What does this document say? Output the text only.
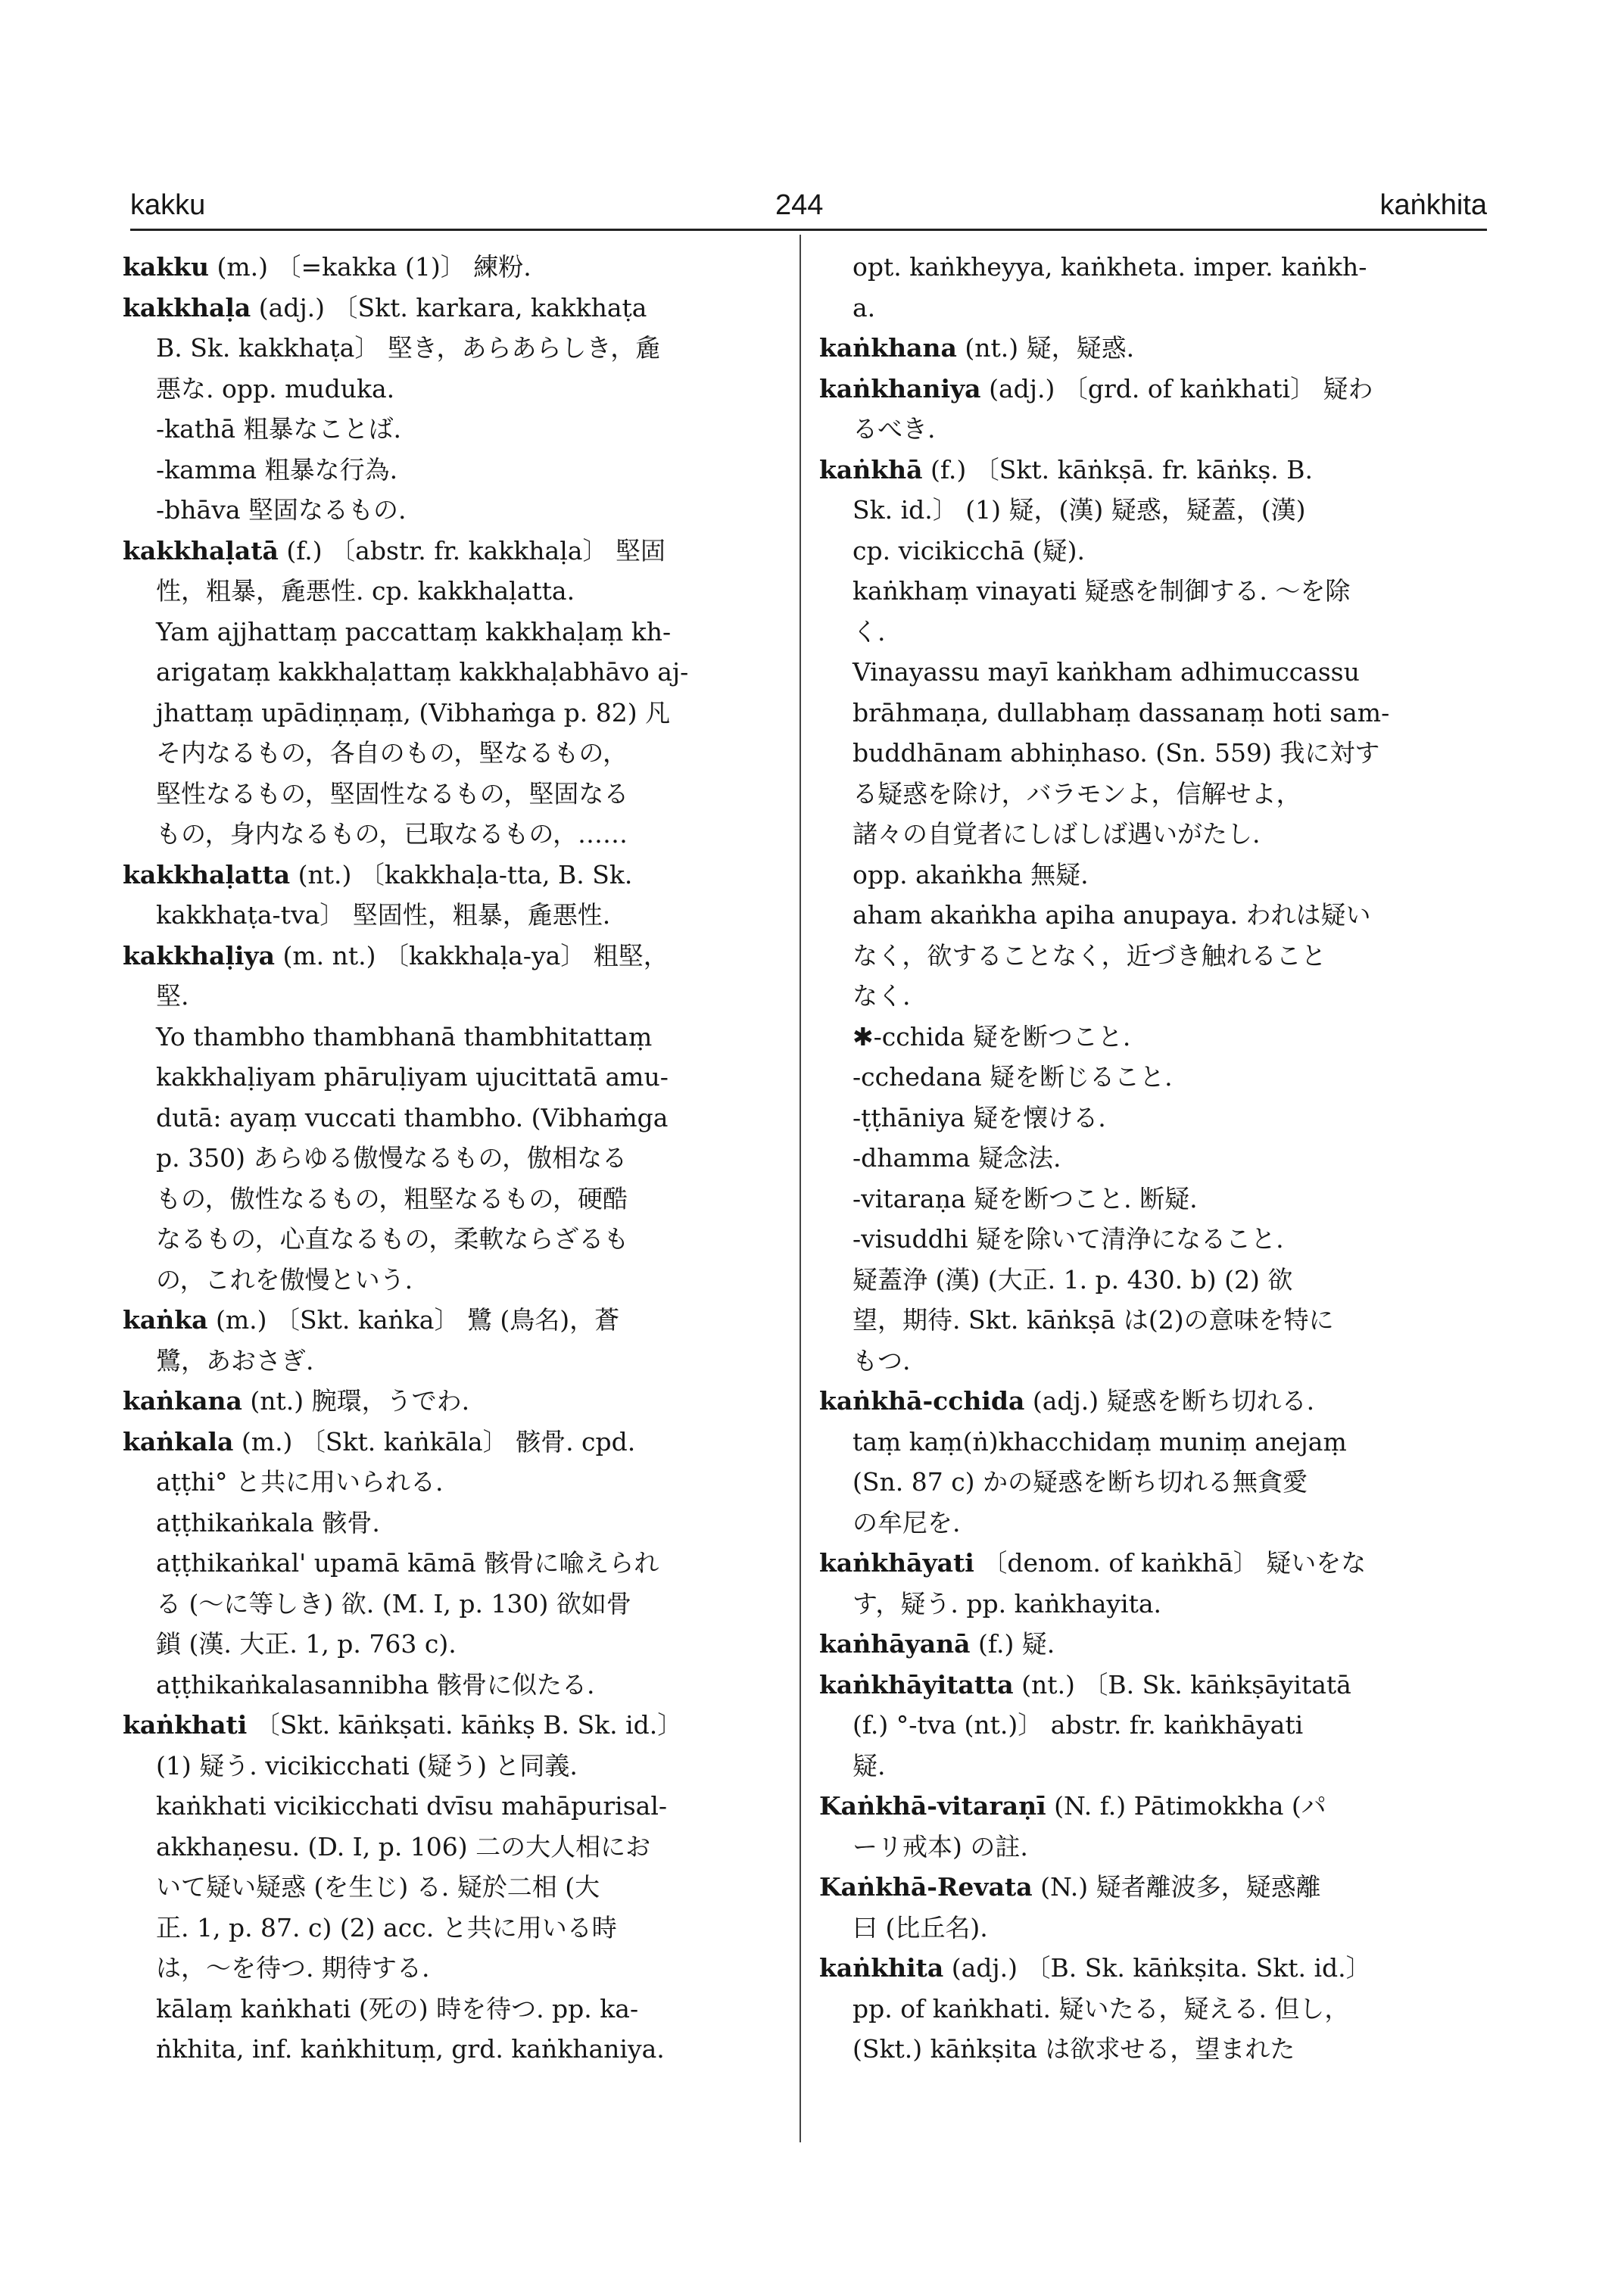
kakku	244	kaṅkhita
kakku (m.) 〔=kakka (1)〕 練粉.
kakkhaḷa (adj.) 〔Skt. karkara, kakkhaṭa
B. Sk. kakkhaṭa〕 堅き，あらあらしき，麁
悪な. opp. muduka.
-kathā 粗暴なことば.
-kamma 粗暴な行為.
-bhāva 堅固なるもの.
kakkhaḷatā (f.) 〔abstr. fr. kakkhaḷa〕 堅固
性，粗暴，麁悪性. cp. kakkhaḷatta.
Yam ajjhattaṃ paccattaṃ kakkhaḷaṃ kh-
arigataṃ kakkhaḷattaṃ kakkhaḷabhāvo aj-
jhattaṃ upādiṇṇaṃ, (Vibhaṁga p. 82) 凡
そ内なるもの，各自のもの，堅なるもの，
堅性なるもの，堅固性なるもの，堅固なる
もの，身内なるもの，已取なるもの，……
kakkhaḷatta (nt.) 〔kakkhaḷa-tta, B. Sk.
kakkhaṭa-tva〕 堅固性，粗暴，麁悪性.
kakkhaḷiya (m. nt.) 〔kakkhaḷa-ya〕 粗堅，
堅.
Yo thambho thambhanā thambhitattaṃ
kakkhaḷiyam phāruḷiyam ujucittatā amu-
dutā: ayaṃ vuccati thambho. (Vibhaṁga
p. 350) あらゆる傲慢なるもの，傲相なる
もの，傲性なるもの，粗堅なるもの，硬酷
なるもの，心直なるもの，柔軟ならざるも
の，これを傲慢という.
kaṅka (m.) 〔Skt. kaṅka〕 鷺 (鳥名)，蒼
鷺，あおさぎ.
kaṅkana (nt.) 腕環，うでわ.
kaṅkala (m.) 〔Skt. kaṅkāla〕 骸骨. cpd.
aṭṭhi° と共に用いられる.
aṭṭhikaṅkala 骸骨.
aṭṭhikaṅkal' upamā kāmā 骸骨に喩えられ
る (〜に等しき) 欲. (M. I, p. 130) 欲如骨
鎖 (漢. 大正. 1, p. 763 c).
aṭṭhikaṅkalasannibha 骸骨に似たる.
kaṅkhati 〔Skt. kāṅkṣati. kāṅkṣ B. Sk. id.〕
(1) 疑う. vicikicchati (疑う) と同義.
kaṅkhati vicikicchati dvīsu mahāpurisal-
akkhaṇesu. (D. I, p. 106) 二の大人相にお
いて疑い疑惑 (を生じ) る. 疑於二相 (大
正. 1, p. 87. c) (2) acc. と共に用いる時
は，〜を待つ. 期待する.
kālaṃ kaṅkhati (死の) 時を待つ. pp. ka-
ṅkhita, inf. kaṅkhituṃ, grd. kaṅkhaniya.
opt. kaṅkheyya, kaṅkheta. imper. kaṅkh-
a.
kaṅkhana (nt.) 疑，疑惑.
kaṅkhaniya (adj.) 〔grd. of kaṅkhati〕 疑わ
るべき.
kaṅkhā (f.) 〔Skt. kāṅkṣā. fr. kāṅkṣ. B.
Sk. id.〕 (1) 疑，(漢) 疑惑，疑蓋，(漢)
cp. vicikicchā (疑).
kaṅkhaṃ vinayati 疑惑を制御する. 〜を除
く.
Vinayassu mayī kaṅkham adhimuccassu
brāhmaṇa, dullabhaṃ dassanaṃ hoti sam-
buddhānam abhiṇhaso. (Sn. 559) 我に対す
る疑惑を除け，バラモンよ，信解せよ，
諸々の自覚者にしばしば遇いがたし.
opp. akaṅkha 無疑.
aham akaṅkha apiha anupaya. われは疑い
なく，欲することなく，近づき触れること
なく.
✱-cchida 疑を断つこと.
-cchedana 疑を断じること.
-ṭṭhāniya 疑を懐ける.
-dhamma 疑念法.
-vitaraṇa 疑を断つこと. 断疑.
-visuddhi 疑を除いて清浄になること.
疑蓋浄 (漢) (大正. 1. p. 430. b) (2) 欲
望，期待. Skt. kāṅkṣā は(2)の意味を特に
もつ.
kaṅkhā-cchida (adj.) 疑惑を断ち切れる.
taṃ kaṃ(ṅ)khacchidaṃ muniṃ anejaṃ
(Sn. 87 c) かの疑惑を断ち切れる無貪愛
の牟尼を.
kaṅkhāyati 〔denom. of kaṅkhā〕 疑いをな
す，疑う. pp. kaṅkhayita.
kaṅhāyanā (f.) 疑.
kaṅkhāyitatta (nt.) 〔B. Sk. kāṅkṣāyitatā
(f.) °-tva (nt.)〕 abstr. fr. kaṅkhāyati
疑.
Kaṅkhā-vitaraṇī (N. f.) Pātimokkha (パ
ーリ戒本) の註.
Kaṅkhā-Revata (N.) 疑者離波多，疑惑離
曰 (比丘名).
kaṅkhita (adj.) 〔B. Sk. kāṅkṣita. Skt. id.〕
pp. of kaṅkhati. 疑いたる，疑える. 但し，
(Skt.) kāṅkṣita は欲求せる，望まれた
